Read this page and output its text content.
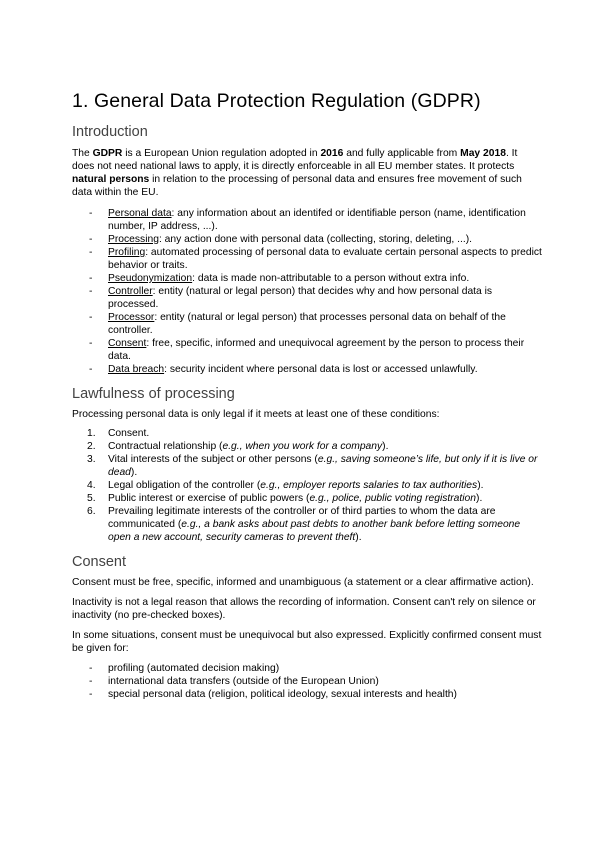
1. General Data Protection Regulation (GDPR)
Introduction

The GDPR is a European Union regulation adopted in 2016 and fully applicable from May 2018. It does not need national laws to apply, it is directly enforceable in all EU member states. It protects natural persons in relation to the processing of personal data and ensures free movement of such data within the EU.

- Personal data: any information about an identifed or identifiable person (name, identification number, IP address, ...).
- Processing: any action done with personal data (collecting, storing, deleting, ...).
- Profiling: automated processing of personal data to evaluate certain personal aspects to predict behavior or traits.
- Pseudonymization: data is made non-attributable to a person without extra info.
- Controller: entity (natural or legal person) that decides why and how personal data is processed.
- Processor: entity (natural or legal person) that processes personal data on behalf of the controller.
- Consent: free, specific, informed and unequivocal agreement by the person to process their data.
- Data breach: security incident where personal data is lost or accessed unlawfully.
Lawfulness of processing

Processing personal data is only legal if it meets at least one of these conditions:

1. Consent.
2. Contractual relationship (e.g., when you work for a company).
3. Vital interests of the subject or other persons (e.g., saving someone’s life, but only if it is live or dead).
4. Legal obligation of the controller (e.g., employer reports salaries to tax authorities).
5. Public interest or exercise of public powers (e.g., police, public voting registration).
6. Prevailing legitimate interests of the controller or of third parties to whom the data are communicated (e.g., a bank asks about past debts to another bank before letting someone open a new account, security cameras to prevent theft).
Consent

Consent must be free, specific, informed and unambiguous (a statement or a clear affirmative action).

Inactivity is not a legal reason that allows the recording of information. Consent can't rely on silence or inactivity (no pre-checked boxes).

In some situations, consent must be unequivocal but also expressed. Explicitly confirmed consent must be given for:

- profiling (automated decision making)
- international data transfers (outside of the European Union)
- special personal data (religion, political ideology, sexual interests and health)
